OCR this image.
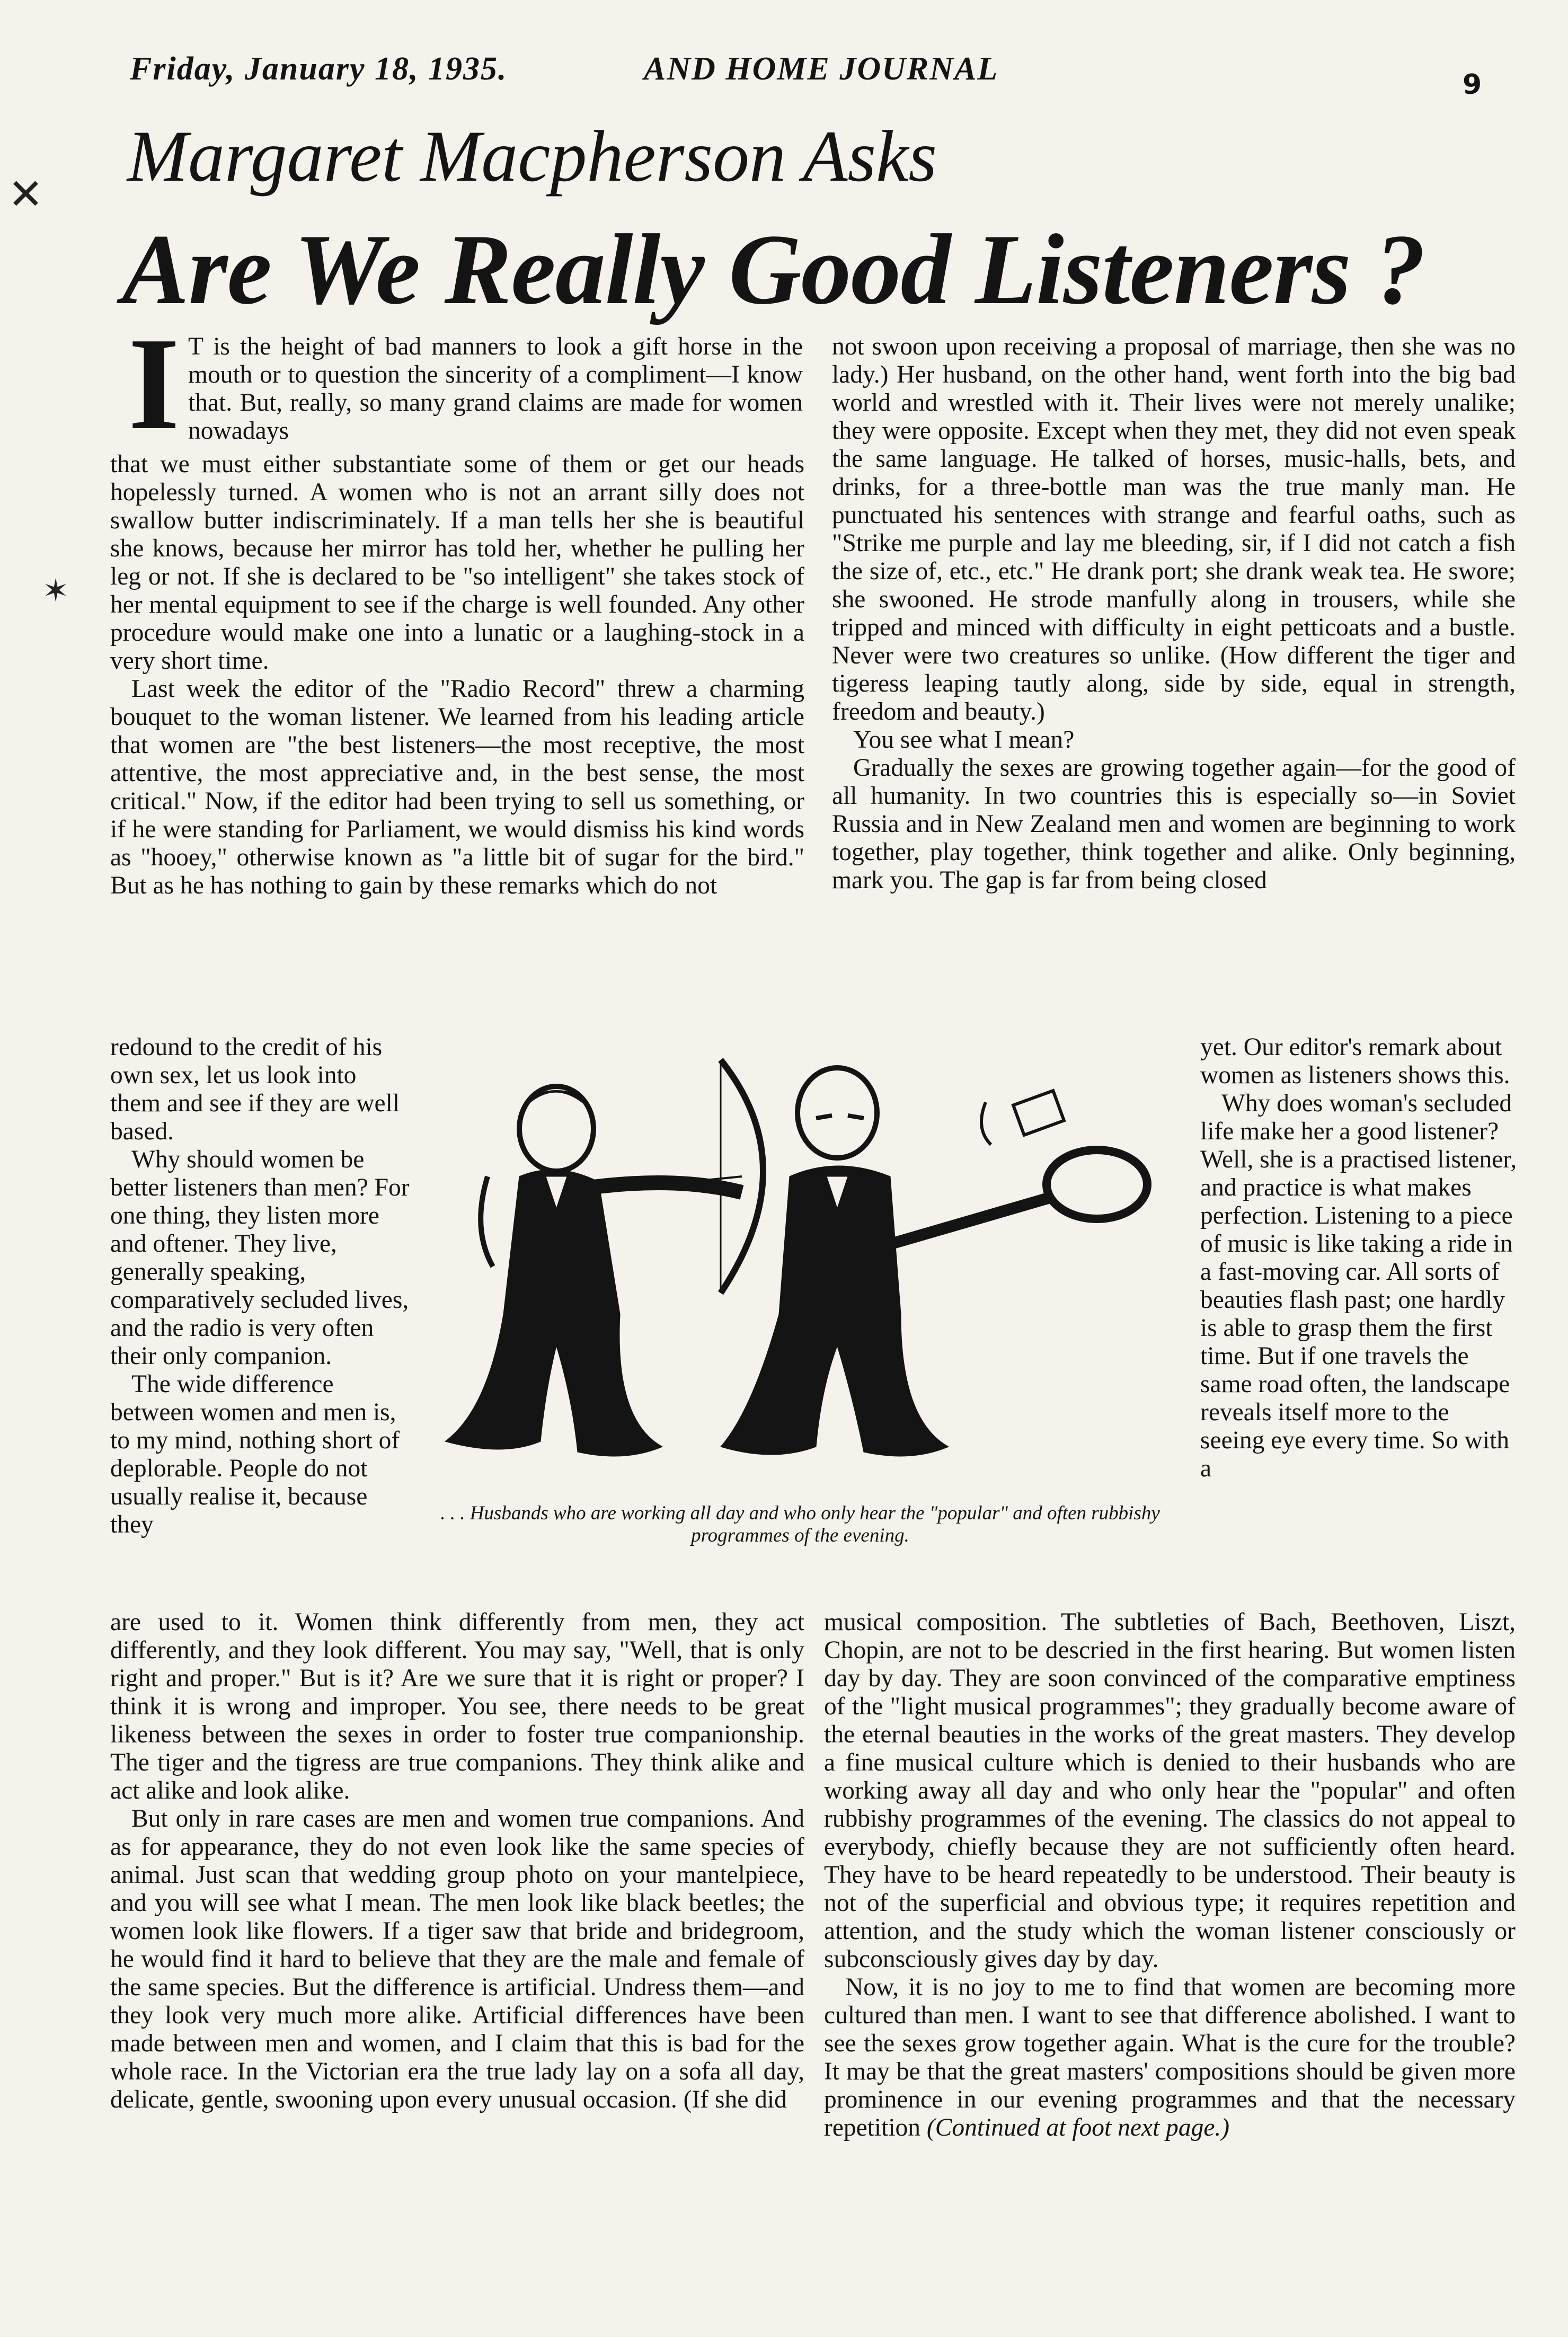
Friday, January 18, 1935.	AND HOME JOURNAL	9
Margaret Macpherson Asks
Are We Really Good Listeners ?
I T is the height of bad manners to look a gift horse in the mouth or to question the sincerity of a compliment—I know that. But, really, so many grand claims are made for women nowadays

that we must either substantiate some of them or get our heads hopelessly turned. A women who is not an arrant silly does not swallow butter indiscriminately. If a man tells her she is beautiful she knows, because her mirror has told her, whether he pulling her leg or not. If she is declared to be "so intelligent" she takes stock of her mental equipment to see if the charge is well founded. Any other procedure would make one into a lunatic or a laughing-stock in a very short time.

Last week the editor of the "Radio Record" threw a charming bouquet to the woman listener. We learned from his leading article that women are "the best listeners—the most receptive, the most attentive, the most appreciative and, in the best sense, the most critical." Now, if the editor had been trying to sell us something, or if he were standing for Parliament, we would dismiss his kind words as "hooey," otherwise known as "a little bit of sugar for the bird." But as he has nothing to gain by these remarks which do not

redound to the credit of his own sex, let us look into them and see if they are well based.

Why should women be better listeners than men? For one thing, they listen more and oftener. They live, generally speaking, comparatively secluded lives, and the radio is very often their only companion.

The wide difference between women and men is, to my mind, nothing short of deplorable. People do not usually realise it, because they

are used to it. Women think differently from men, they act differently, and they look different. You may say, "Well, that is only right and proper." But is it? Are we sure that it is right or proper? I think it is wrong and improper. You see, there needs to be great likeness between the sexes in order to foster true companionship. The tiger and the tigress are true companions. They think alike and act alike and look alike.

But only in rare cases are men and women true companions. And as for appearance, they do not even look like the same species of animal. Just scan that wedding group photo on your mantelpiece, and you will see what I mean. The men look like black beetles; the women look like flowers. If a tiger saw that bride and bridegroom, he would find it hard to believe that they are the male and female of the same species. But the difference is artificial. Undress them—and they look very much more alike. Artificial differences have been made between men and women, and I claim that this is bad for the whole race. In the Victorian era the true lady lay on a sofa all day, delicate, gentle, swooning upon every unusual occasion. (If she did

not swoon upon receiving a proposal of marriage, then she was no lady.) Her husband, on the other hand, went forth into the big bad world and wrestled with it. Their lives were not merely unalike; they were opposite. Except when they met, they did not even speak the same language. He talked of horses, music-halls, bets, and drinks, for a three-bottle man was the true manly man. He punctuated his sentences with strange and fearful oaths, such as "Strike me purple and lay me bleeding, sir, if I did not catch a fish the size of, etc., etc." He drank port; she drank weak tea. He swore; she swooned. He strode manfully along in trousers, while she tripped and minced with difficulty in eight petticoats and a bustle. Never were two creatures so unlike. (How different the tiger and tigeress leaping tautly along, side by side, equal in strength, freedom and beauty.)

You see what I mean?

Gradually the sexes are growing together again—for the good of all humanity. In two countries this is especially so—in Soviet Russia and in New Zealand men and women are beginning to work together, play together, think together and alike. Only beginning, mark you. The gap is far from being closed

yet. Our editor's remark about women as listeners shows this.

Why does woman's secluded life make her a good listener? Well, she is a practised listener, and practice is what makes perfection. Listening to a piece of music is like taking a ride in a fast-moving car. All sorts of beauties flash past; one hardly is able to grasp them the first time. But if one travels the same road often, the landscape reveals itself more to the seeing eye every time. So with a

musical composition. The subtleties of Bach, Beethoven, Liszt, Chopin, are not to be descried in the first hearing. But women listen day by day. They are soon convinced of the comparative emptiness of the "light musical programmes"; they gradually become aware of the eternal beauties in the works of the great masters. They develop a fine musical culture which is denied to their husbands who are working away all day and who only hear the "popular" and often rubbishy programmes of the evening. The classics do not appeal to everybody, chiefly because they are not sufficiently often heard. They have to be heard repeatedly to be understood. Their beauty is not of the superficial and obvious type; it requires repetition and attention, and the study which the woman listener consciously or subconsciously gives day by day.

Now, it is no joy to me to find that women are becoming more cultured than men. I want to see that difference abolished. I want to see the sexes grow together again. What is the cure for the trouble? It may be that the great masters' compositions should be given more prominence in our evening programmes and that the necessary repetition (Continued at foot next page.)

. . . Husbands who are working all day and who only hear the "popular" and often rubbishy programmes of the evening.
✕
✶
